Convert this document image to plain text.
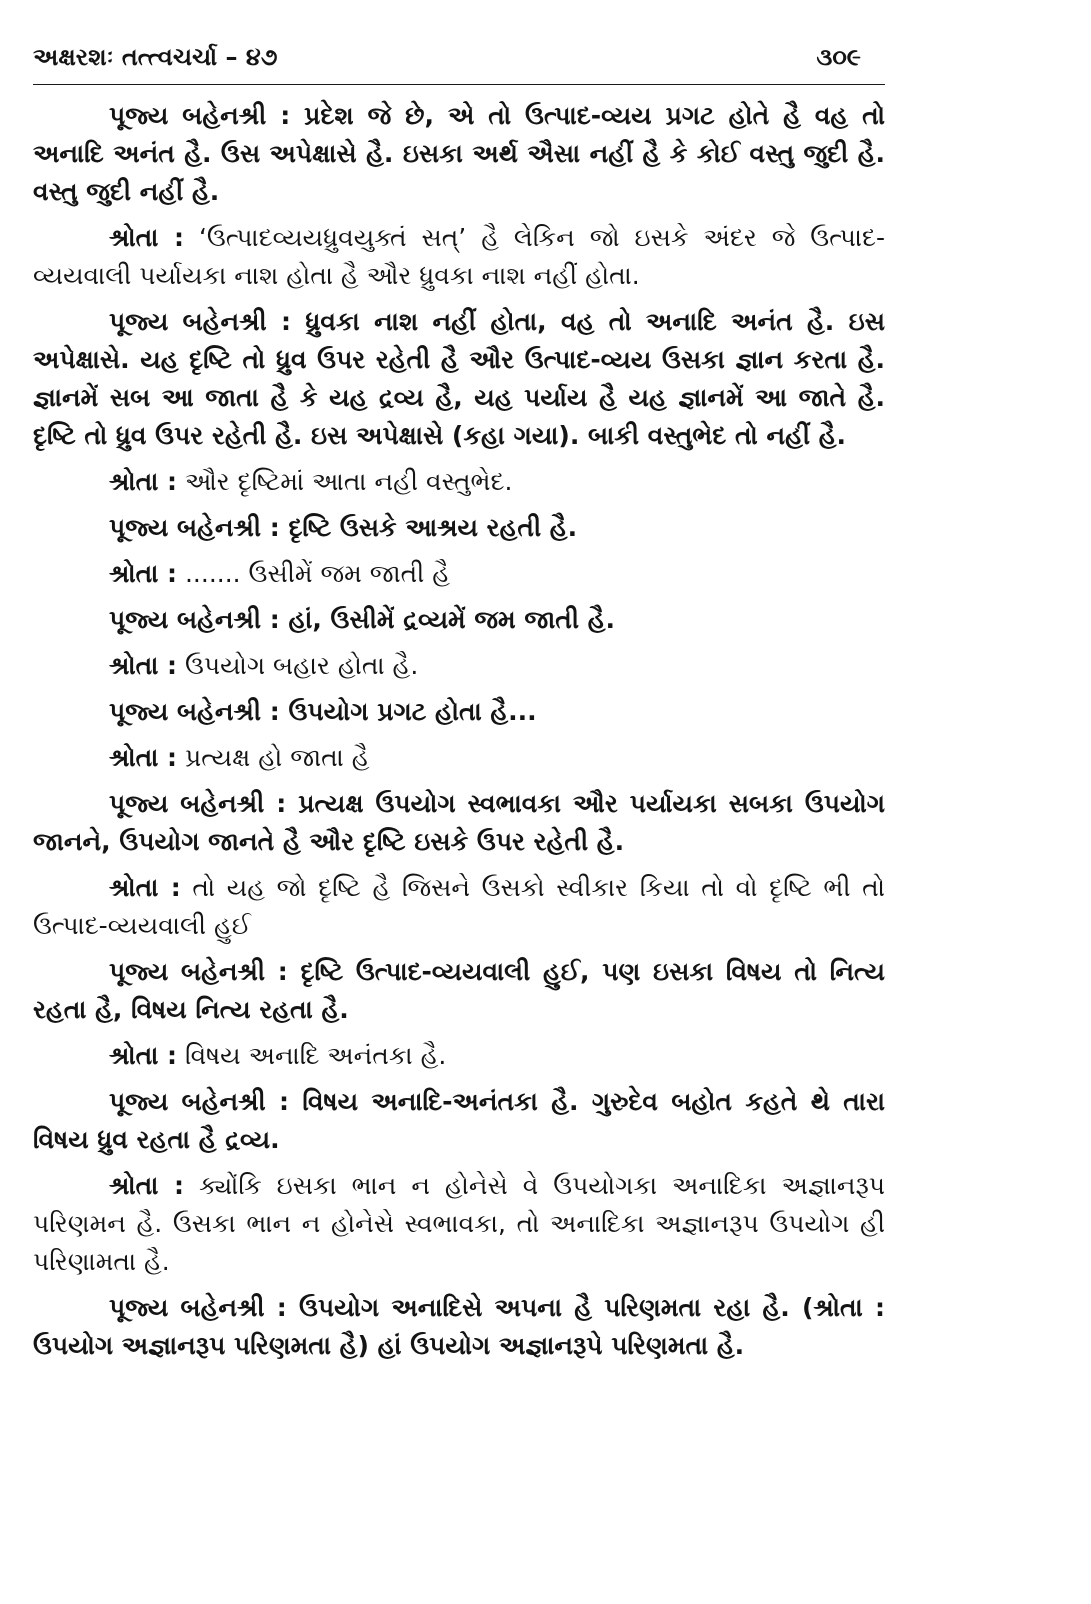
અક્ષરશઃ તત્ત્વચર્ચા – ૪૭	૩૦૯

પૂજ્ય બહેનશ્રી : પ્રદેશ જે છે, એ તો ઉત્પાદ-વ્યય પ્રગટ હોતે હૈ વહ તો અનાદિ અનંત હૈ. ઉસ અપેક્ષાસે હૈ. ઇસકા અર્થ ઐસા નહીં હૈ કે કોઈ વસ્તુ જુદી હૈ. વસ્તુ જુદી નહીં હૈ.

શ્રોતા : ‘ઉત્પાદવ્યયધ્રુવયુક્તં સત્’ હૈ લેકિન જો ઇસકે અંદર જે ઉત્પાદ-વ્યયવાલી પર્યાયકા નાશ હોતા હૈ ઔર ધ્રુવકા નાશ નહીં હોતા.

પૂજ્ય બહેનશ્રી : ધ્રુવકા નાશ નહીં હોતા, વહ તો અનાદિ અનંત હૈ. ઇસ અપેક્ષાસે. યહ દૃષ્ટિ તો ધ્રુવ ઉપર રહેતી હૈ ઔર ઉત્પાદ-વ્યય ઉસકા જ્ઞાન કરતા હૈ. જ્ઞાનમેં સબ આ જાતા હૈ કે યહ દ્રવ્ય હૈ, યહ પર્યાય હૈ યહ જ્ઞાનમેં આ જાતે હૈ. દૃષ્ટિ તો ધ્રુવ ઉપર રહેતી હૈ. ઇસ અપેક્ષાસે (કહા ગયા). બાકી વસ્તુભેદ તો નહીં હૈ.

શ્રોતા : ઔર દૃષ્ટિમાં આતા નહી વસ્તુભેદ.

પૂજ્ય બહેનશ્રી : દૃષ્ટિ ઉસકે આશ્રય રહતી હૈ.

શ્રોતા : ....... ઉસીમેં જમ જાતી હૈ

પૂજ્ય બહેનશ્રી : હાં, ઉસીમેં દ્રવ્યમેં જમ જાતી હૈ.

શ્રોતા : ઉપયોગ બહાર હોતા હૈ.

પૂજ્ય બહેનશ્રી : ઉપયોગ પ્રગટ હોતા હૈ...

શ્રોતા : પ્રત્યક્ષ હો જાતા હૈ

પૂજ્ય બહેનશ્રી : પ્રત્યક્ષ ઉપયોગ સ્વભાવકા ઔર પર્યાયકા સબકા ઉપયોગ જાનને, ઉપયોગ જાનતે હૈ ઔર દૃષ્ટિ ઇસકે ઉપર રહેતી હૈ.

શ્રોતા : તો યહ જો દૃષ્ટિ હૈ જિસને ઉસકો સ્વીકાર કિયા તો વો દૃષ્ટિ ભી તો ઉત્પાદ-વ્યયવાલી હુઈ

પૂજ્ય બહેનશ્રી : દૃષ્ટિ ઉત્પાદ-વ્યયવાલી હુઈ, પણ ઇસકા વિષય તો નિત્ય રહતા હૈ, વિષય નિત્ય રહતા હૈ.

શ્રોતા : વિષય અનાદિ અનંતકા હૈ.

પૂજ્ય બહેનશ્રી : વિષય અનાદિ-અનંતકા હૈ. ગુરુદેવ બહોત કહતે થે તારા વિષય ધ્રુવ રહતા હૈ દ્રવ્ય.

શ્રોતા : ક્યોંકિ ઇસકા ભાન ન હોનેસે વે ઉપયોગકા અનાદિકા અજ્ઞાનરૂપ પરિણમન હૈ. ઉસકા ભાન ન હોનેસે સ્વભાવકા, તો અનાદિકા અજ્ઞાનરૂપ ઉપયોગ હી પરિણામતા હૈ.

પૂજ્ય બહેનશ્રી : ઉપયોગ અનાદિસે અપના હૈ પરિણમતા રહા હૈ. (શ્રોતા : ઉપયોગ અજ્ઞાનરૂપ પરિણમતા હૈ) હાં ઉપયોગ અજ્ઞાનરૂપે પરિણમતા હૈ.
